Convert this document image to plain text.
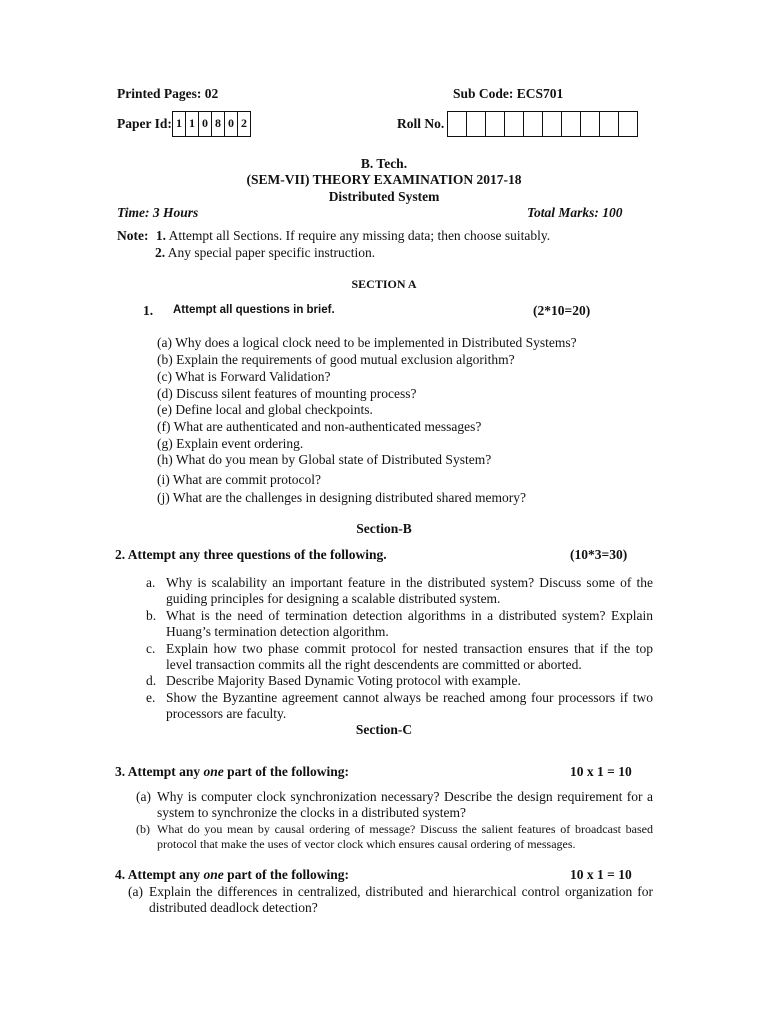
Printed Pages: 02	Sub Code: ECS701
Paper Id: 1 1 0 8 0 2	Roll No.
B. Tech.
(SEM-VII) THEORY EXAMINATION 2017-18
Distributed System
Time: 3 Hours	Total Marks: 100
Note: 1. Attempt all Sections. If require any missing data; then choose suitably.
2. Any special paper specific instruction.
SECTION A
1. Attempt all questions in brief.	(2*10=20)
(a) Why does a logical clock need to be implemented in Distributed Systems?
(b) Explain the requirements of good mutual exclusion algorithm?
(c) What is Forward Validation?
(d) Discuss silent features of mounting process?
(e) Define local and global checkpoints.
(f) What are authenticated and non-authenticated messages?
(g) Explain event ordering.
(h) What do you mean by Global state of Distributed System?
(i) What are commit protocol?
(j) What are the challenges in designing distributed shared memory?
Section-B
2. Attempt any three questions of the following.	(10*3=30)
a. Why is scalability an important feature in the distributed system? Discuss some of the guiding principles for designing a scalable distributed system.
b. What is the need of termination detection algorithms in a distributed system? Explain Huang’s termination detection algorithm.
c. Explain how two phase commit protocol for nested transaction ensures that if the top level transaction commits all the right descendents are committed or aborted.
d. Describe Majority Based Dynamic Voting protocol with example.
e. Show the Byzantine agreement cannot always be reached among four processors if two processors are faculty.
Section-C
3. Attempt any one part of the following:	10 x 1 = 10
(a) Why is computer clock synchronization necessary? Describe the design requirement for a system to synchronize the clocks in a distributed system?
(b) What do you mean by causal ordering of message? Discuss the salient features of broadcast based protocol that make the uses of vector clock which ensures causal ordering of messages.
4. Attempt any one part of the following:	10 x 1 = 10
(a) Explain the differences in centralized, distributed and hierarchical control organization for distributed deadlock detection?
